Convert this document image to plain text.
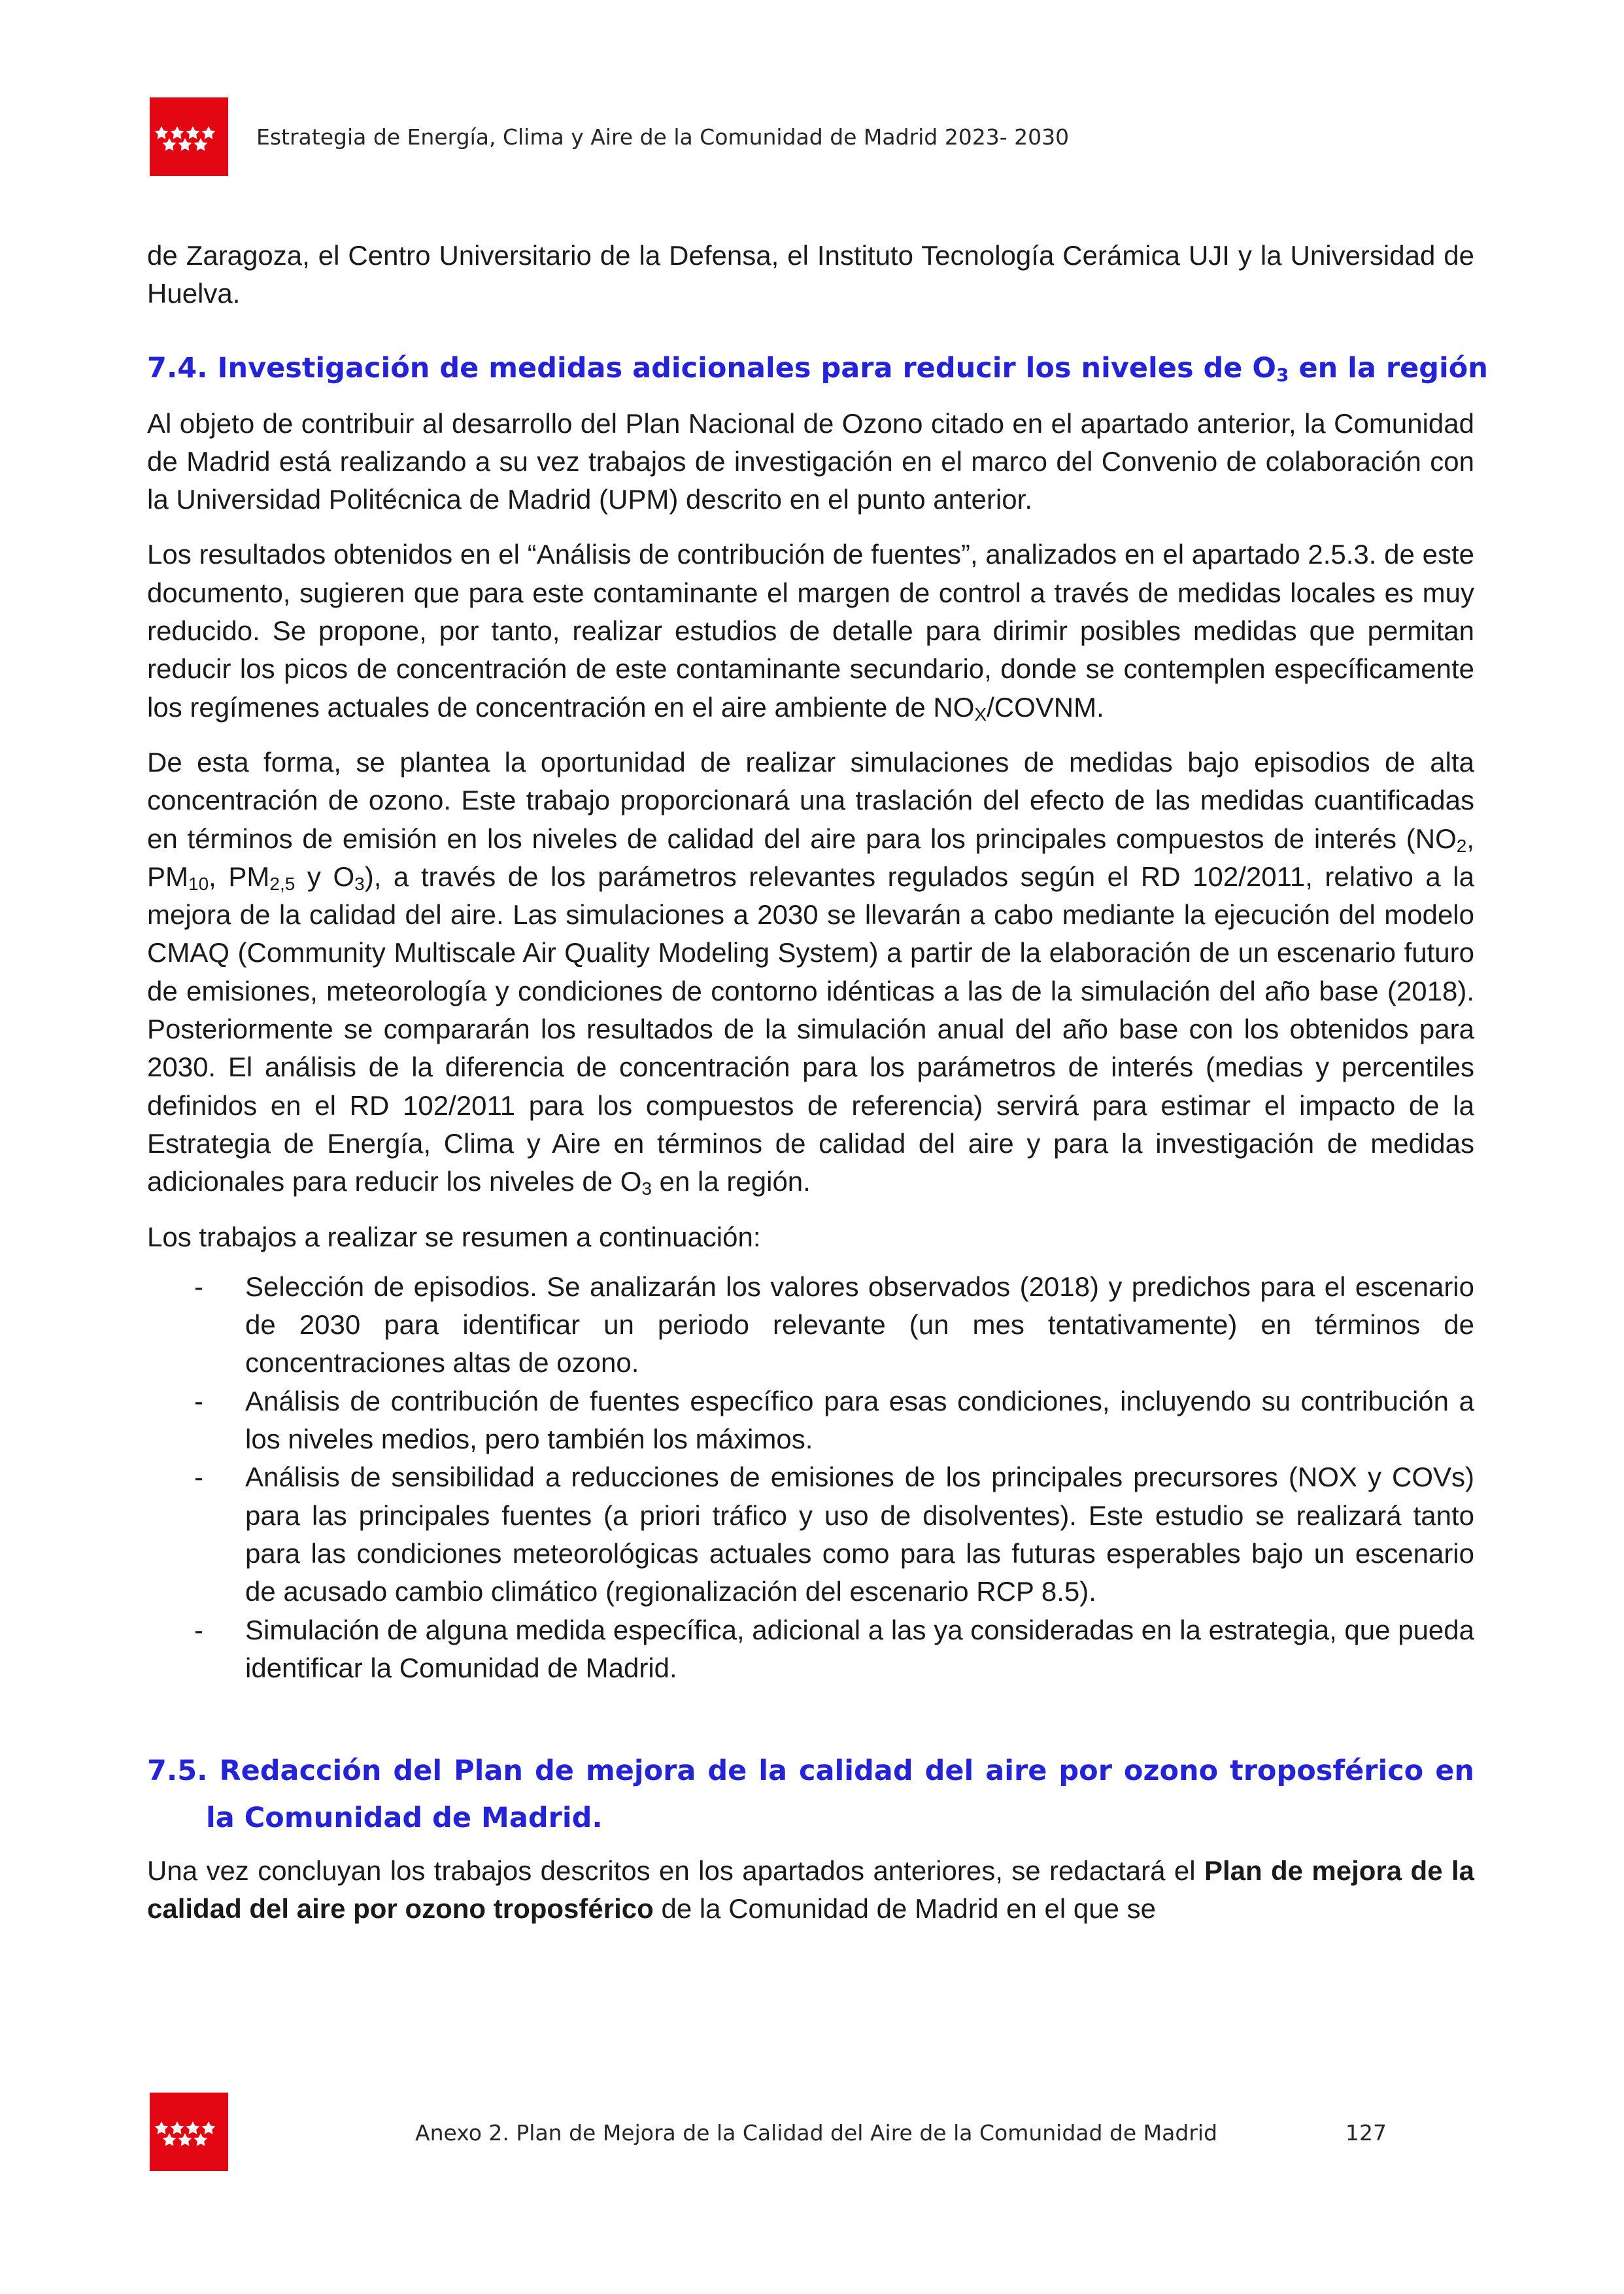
Estrategia de Energía, Clima y Aire de la Comunidad de Madrid 2023- 2030

de Zaragoza, el Centro Universitario de la Defensa, el Instituto Tecnología Cerámica UJI y la Universidad de Huelva.

7.4. Investigación de medidas adicionales para reducir los niveles de $O_3$ en la región

Al objeto de contribuir al desarrollo del Plan Nacional de Ozono citado en el apartado anterior, la Comunidad de Madrid está realizando a su vez trabajos de investigación en el marco del Convenio de colaboración con la Universidad Politécnica de Madrid (UPM) descrito en el punto anterior.

Los resultados obtenidos en el “Análisis de contribución de fuentes”, analizados en el apartado 2.5.3. de este documento, sugieren que para este contaminante el margen de control a través de medidas locales es muy reducido. Se propone, por tanto, realizar estudios de detalle para dirimir posibles medidas que permitan reducir los picos de concentración de este contaminante secundario, donde se contemplen específicamente los regímenes actuales de concentración en el aire ambiente de $NO_X$/COVNM.

De esta forma, se plantea la oportunidad de realizar simulaciones de medidas bajo episodios de alta concentración de ozono. Este trabajo proporcionará una traslación del efecto de las medidas cuantificadas en términos de emisión en los niveles de calidad del aire para los principales compuestos de interés ($NO_2$, $PM_{10}$, $PM_{2,5}$ y $O_3$), a través de los parámetros relevantes regulados según el RD 102/2011, relativo a la mejora de la calidad del aire. Las simulaciones a 2030 se llevarán a cabo mediante la ejecución del modelo CMAQ (Community Multiscale Air Quality Modeling System) a partir de la elaboración de un escenario futuro de emisiones, meteorología y condiciones de contorno idénticas a las de la simulación del año base (2018). Posteriormente se compararán los resultados de la simulación anual del año base con los obtenidos para 2030. El análisis de la diferencia de concentración para los parámetros de interés (medias y percentiles definidos en el RD 102/2011 para los compuestos de referencia) servirá para estimar el impacto de la Estrategia de Energía, Clima y Aire en términos de calidad del aire y para la investigación de medidas adicionales para reducir los niveles de $O_3$ en la región.

Los trabajos a realizar se resumen a continuación:

- Selección de episodios. Se analizarán los valores observados (2018) y predichos para el escenario de 2030 para identificar un periodo relevante (un mes tentativamente) en términos de concentraciones altas de ozono.
- Análisis de contribución de fuentes específico para esas condiciones, incluyendo su contribución a los niveles medios, pero también los máximos.
- Análisis de sensibilidad a reducciones de emisiones de los principales precursores (NOX y COVs) para las principales fuentes (a priori tráfico y uso de disolventes). Este estudio se realizará tanto para las condiciones meteorológicas actuales como para las futuras esperables bajo un escenario de acusado cambio climático (regionalización del escenario RCP 8.5).
- Simulación de alguna medida específica, adicional a las ya consideradas en la estrategia, que pueda identificar la Comunidad de Madrid.
7.5. Redacción del Plan de mejora de la calidad del aire por ozono troposférico en la Comunidad de Madrid.

Una vez concluyan los trabajos descritos en los apartados anteriores, se redactará el Plan de mejora de la calidad del aire por ozono troposférico de la Comunidad de Madrid en el que se

Anexo 2. Plan de Mejora de la Calidad del Aire de la Comunidad de Madrid	127
